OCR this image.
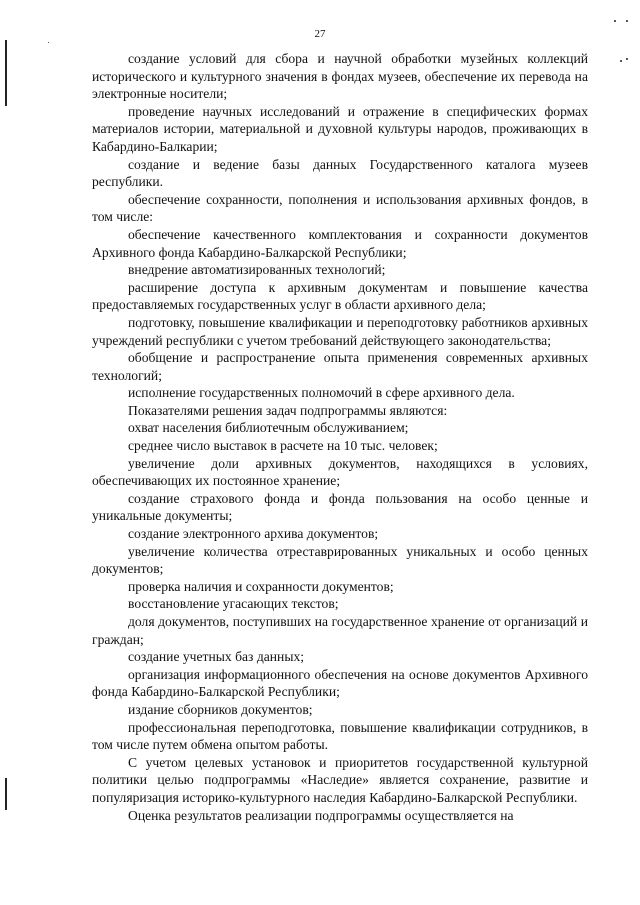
27

создание условий для сбора и научной обработки музейных коллекций исторического и культурного значения в фондах музеев, обеспечение их перевода на электронные носители;

проведение научных исследований и отражение в специфических формах материалов истории, материальной и духовной культуры народов, проживающих в Кабардино-Балкарии;

создание и ведение базы данных Государственного каталога музеев республики.

обеспечение сохранности, пополнения и использования архивных фондов, в том числе:

обеспечение качественного комплектования и сохранности документов Архивного фонда Кабардино-Балкарской Республики;

внедрение автоматизированных технологий;

расширение доступа к архивным документам и повышение качества предоставляемых государственных услуг в области архивного дела;

подготовку, повышение квалификации и переподготовку работников архивных учреждений республики с учетом требований действующего законодательства;

обобщение и распространение опыта применения современных архивных технологий;

исполнение государственных полномочий в сфере архивного дела.

Показателями решения задач подпрограммы являются:

охват населения библиотечным обслуживанием;

среднее число выставок в расчете на 10 тыс. человек;

увеличение доли архивных документов, находящихся в условиях, обеспечивающих их постоянное хранение;

создание страхового фонда и фонда пользования на особо ценные и уникальные документы;

создание электронного архива документов;

увеличение количества отреставрированных уникальных и особо ценных документов;

проверка наличия и сохранности документов;

восстановление угасающих текстов;

доля документов, поступивших на государственное хранение от организаций и граждан;

создание учетных баз данных;

организация информационного обеспечения на основе документов Архивного фонда Кабардино-Балкарской Республики;

издание сборников документов;

профессиональная переподготовка, повышение квалификации сотрудников, в том числе путем обмена опытом работы.

С учетом целевых установок и приоритетов государственной культурной политики целью подпрограммы «Наследие» является сохранение, развитие и популяризация историко-культурного наследия Кабардино-Балкарской Республики.

Оценка результатов реализации подпрограммы осуществляется на
